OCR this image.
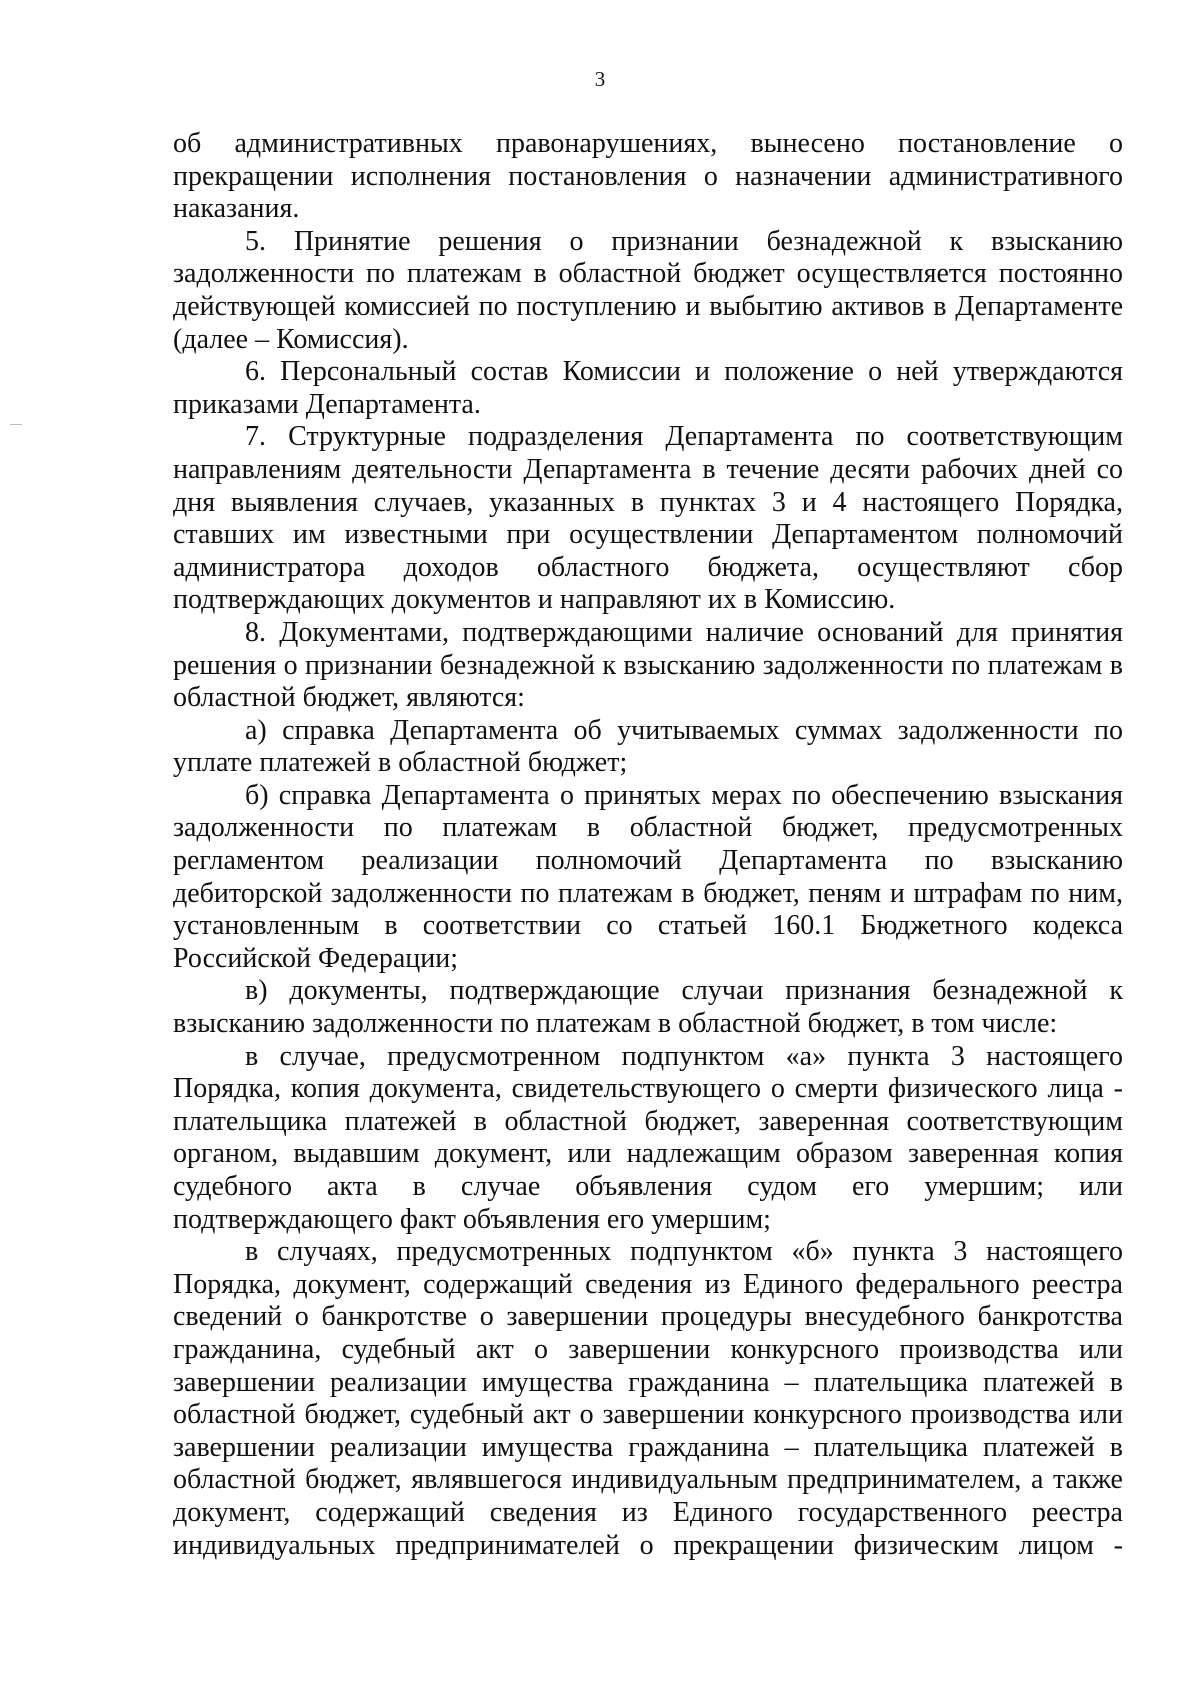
3

об административных правонарушениях, вынесено постановление о прекращении исполнения постановления о назначении административного наказания.

5. Принятие решения о признании безнадежной к взысканию задолженности по платежам в областной бюджет осуществляется постоянно действующей комиссией по поступлению и выбытию активов в Департаменте (далее – Комиссия).

6. Персональный состав Комиссии и положение о ней утверждаются приказами Департамента.

7. Структурные подразделения Департамента по соответствующим направлениям деятельности Департамента в течение десяти рабочих дней со дня выявления случаев, указанных в пунктах 3 и 4 настоящего Порядка, ставших им известными при осуществлении Департаментом полномочий администратора доходов областного бюджета, осуществляют сбор подтверждающих документов и направляют их в Комиссию.

8. Документами, подтверждающими наличие оснований для принятия решения о признании безнадежной к взысканию задолженности по платежам в областной бюджет, являются:

а) справка Департамента об учитываемых суммах задолженности по уплате платежей в областной бюджет;

б) справка Департамента о принятых мерах по обеспечению взыскания задолженности по платежам в областной бюджет, предусмотренных регламентом реализации полномочий Департамента по взысканию дебиторской задолженности по платежам в бюджет, пеням и штрафам по ним, установленным в соответствии со статьей 160.1 Бюджетного кодекса Российской Федерации;

в) документы, подтверждающие случаи признания безнадежной к взысканию задолженности по платежам в областной бюджет, в том числе:

в случае, предусмотренном подпунктом «а» пункта 3 настоящего Порядка, копия документа, свидетельствующего о смерти физического лица - плательщика платежей в областной бюджет, заверенная соответствующим органом, выдавшим документ, или надлежащим образом заверенная копия судебного акта в случае объявления судом его умершим; или подтверждающего факт объявления его умершим;

в случаях, предусмотренных подпунктом «б» пункта 3 настоящего Порядка, документ, содержащий сведения из Единого федерального реестра сведений о банкротстве о завершении процедуры внесудебного банкротства гражданина, судебный акт о завершении конкурсного производства или завершении реализации имущества гражданина – плательщика платежей в областной бюджет, судебный акт о завершении конкурсного производства или завершении реализации имущества гражданина – плательщика платежей в областной бюджет, являвшегося индивидуальным предпринимателем, а также документ, содержащий сведения из Единого государственного реестра индивидуальных предпринимателей о прекращении физическим лицом -
